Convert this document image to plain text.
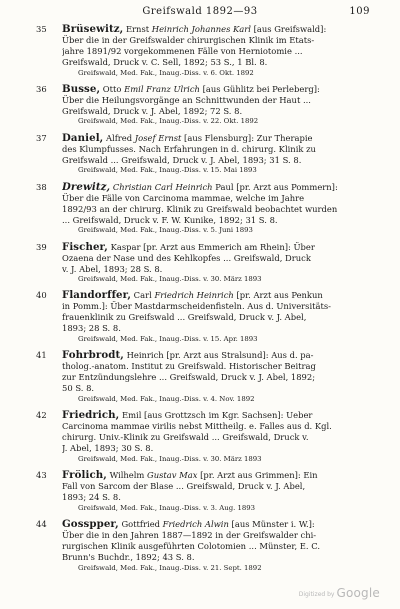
Greifswald 1892—93	109
35	Brüsewitz, Ernst Heinrich Johannes Karl [aus Greifswald]:
Über die in der Greifswalder chirurgischen Klinik im Etats-
jahre 1891/92 vorgekommenen Fälle von Herniotomie ...
Greifswald, Druck v. C. Sell, 1892; 53 S., 1 Bl. 8.
Greifswald, Med. Fak., Inaug.-Diss. v. 6. Okt. 1892
36	Busse, Otto Emil Franz Ulrich [aus Gühlitz bei Perleberg]:
Über die Heilungsvorgänge an Schnittwunden der Haut ...
Greifswald, Druck v. J. Abel, 1892; 72 S. 8.
Greifswald, Med. Fak., Inaug.-Diss. v. 22. Okt. 1892
37	Daniel, Alfred Josef Ernst [aus Flensburg]: Zur Therapie
des Klumpfusses. Nach Erfahrungen in d. chirurg. Klinik zu
Greifswald ... Greifswald, Druck v. J. Abel, 1893; 31 S. 8.
Greifswald, Med. Fak., Inaug.-Diss. v. 15. Mai 1893
38	Drewitz, Christian Carl Heinrich Paul [pr. Arzt aus Pommern]:
Über die Fälle von Carcinoma mammae, welche im Jahre
1892/93 an der chirurg. Klinik zu Greifswald beobachtet wurden
... Greifswald, Druck v. F. W. Kunike, 1892; 31 S. 8.
Greifswald, Med. Fak., Inaug.-Diss. v. 5. Juni 1893
39	Fischer, Kaspar [pr. Arzt aus Emmerich am Rhein]: Über
Ozaena der Nase und des Kehlkopfes ... Greifswald, Druck
v. J. Abel, 1893; 28 S. 8.
Greifswald, Med. Fak., Inaug.-Diss. v. 30. März 1893
40	Flandorffer, Carl Friedrich Heinrich [pr. Arzt aus Penkun
in Pomm.]: Über Mastdarmscheidenfisteln. Aus d. Universitäts-
frauenklinik zu Greifswald ... Greifswald, Druck v. J. Abel,
1893; 28 S. 8.
Greifswald, Med. Fak., Inaug.-Diss. v. 15. Apr. 1893
41	Fohrbrodt, Heinrich [pr. Arzt aus Stralsund]: Aus d. pa-
tholog.-anatom. Institut zu Greifswald. Historischer Beitrag
zur Entzündungslehre ... Greifswald, Druck v. J. Abel, 1892;
50 S. 8.
Greifswald, Med. Fak., Inaug.-Diss. v. 4. Nov. 1892
42	Friedrich, Emil [aus Grottzsch im Kgr. Sachsen]: Ueber
Carcinoma mammae virilis nebst Mittheilg. e. Falles aus d. Kgl.
chirurg. Univ.-Klinik zu Greifswald ... Greifswald, Druck v.
J. Abel, 1893; 30 S. 8.
Greifswald, Med. Fak., Inaug.-Diss. v. 30. März 1893
43	Frölich, Wilhelm Gustav Max [pr. Arzt aus Grimmen]: Ein
Fall von Sarcom der Blase ... Greifswald, Druck v. J. Abel,
1893; 24 S. 8.
Greifswald, Med. Fak., Inaug.-Diss. v. 3. Aug. 1893
44	Gosspper, Gottfried Friedrich Alwin [aus Münster i. W.]:
Über die in den Jahren 1887—1892 in der Greifswalder chi-
rurgischen Klinik ausgeführten Colotomien ... Münster, E. C.
Brunn's Buchdr., 1892; 43 S. 8.
Greifswald, Med. Fak., Inaug.-Diss. v. 21. Sept. 1892
Digitized by Google
